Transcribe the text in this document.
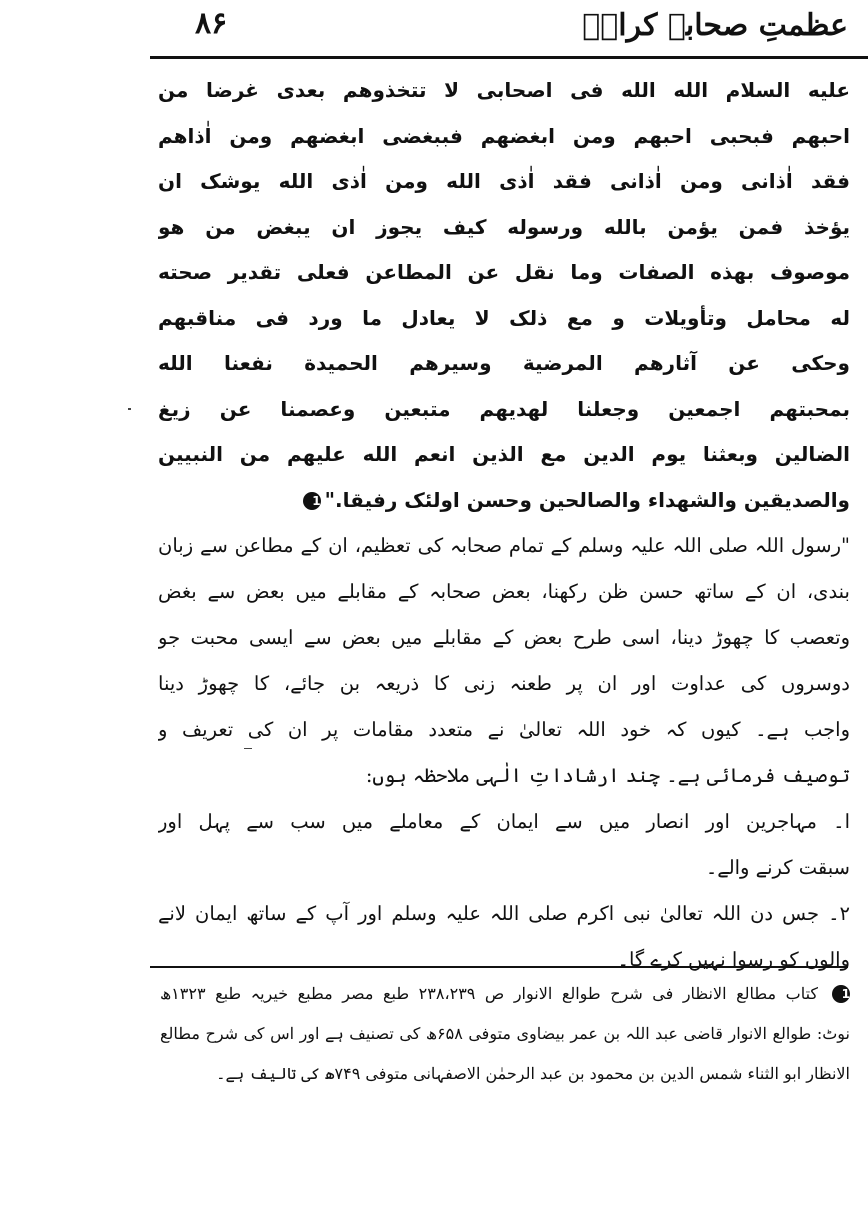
عظمتِ صحابہ کرامؓ
۸۶
عليه السلام الله الله فى اصحابى لا تتخذوهم بعدى غرضا من
احبهم فبحبى احبهم ومن ابغضهم فببغضى ابغضهم ومن اٰذاهم
فقد اٰذانى ومن اٰذانى فقد اٰذى الله ومن اٰذى الله يوشک ان
يؤخذ فمن يؤمن بالله ورسوله كيف يجوز ان يبغض من هو
موصوف بهذه الصفات وما نقل عن المطاعن فعلى تقدير صحته
له محامل وتأويلات و مع ذلک لا يعادل ما ورد فى مناقبهم
وحكى عن آثارهم المرضية وسيرهم الحميدة نفعنا الله
بمحبتهم اجمعين وجعلنا لهديهم متبعين وعصمنا عن زيغ
الضالين وبعثنا يوم الدين مع الذين انعم الله عليهم من النبيين
والصديقين والشهداء والصالحين وحسن اولئک رفيقا."1
"رسول اللہ صلی اللہ علیہ وسلم کے تمام صحابہ کی تعظیم، ان کے مطاعن سے زبان
بندی، ان کے ساتھ حسن ظن رکھنا، بعض صحابہ کے مقابلے میں بعض سے بغض
وتعصب کا چھوڑ دینا، اسی طرح بعض کے مقابلے میں بعض سے ایسی محبت جو
دوسروں کی عداوت اور ان پر طعنہ زنی کا ذریعہ بن جائے، کا چھوڑ دینا
واجب ہے۔ کیوں کہ خود اللہ تعالیٰ نے متعدد مقامات پر ان کی تعریف و
توصیف فرمائی ہے۔ چند ارشاداتِ الٰہی ملاحظہ ہوں:
ا۔ مہاجرین اور انصار میں سے ایمان کے معاملے میں سب سے پہل اور
سبقت کرنے والے۔
۲۔ جس دن اللہ تعالیٰ نبی اکرم صلی اللہ علیہ وسلم اور آپ کے ساتھ ایمان لانے
والوں کو رسوا نہیں کرے گا۔
1
کتاب مطالع الانظار فی شرح طوالع الانوار ص ۲۳۸،۲۳۹ طبع مصر مطبع خیریہ طبع ۱۳۲۳ھ
نوٹ: طوالع الانوار قاضی عبد اللہ بن عمر بیضاوی متوفی ۶۵۸ھ کی تصنیف ہے اور اس کی شرح مطالع
الانظار ابو الثناء شمس الدین بن محمود بن عبد الرحمٰن الاصفہانی متوفی ۷۴۹ھ کی تالیف ہے۔
